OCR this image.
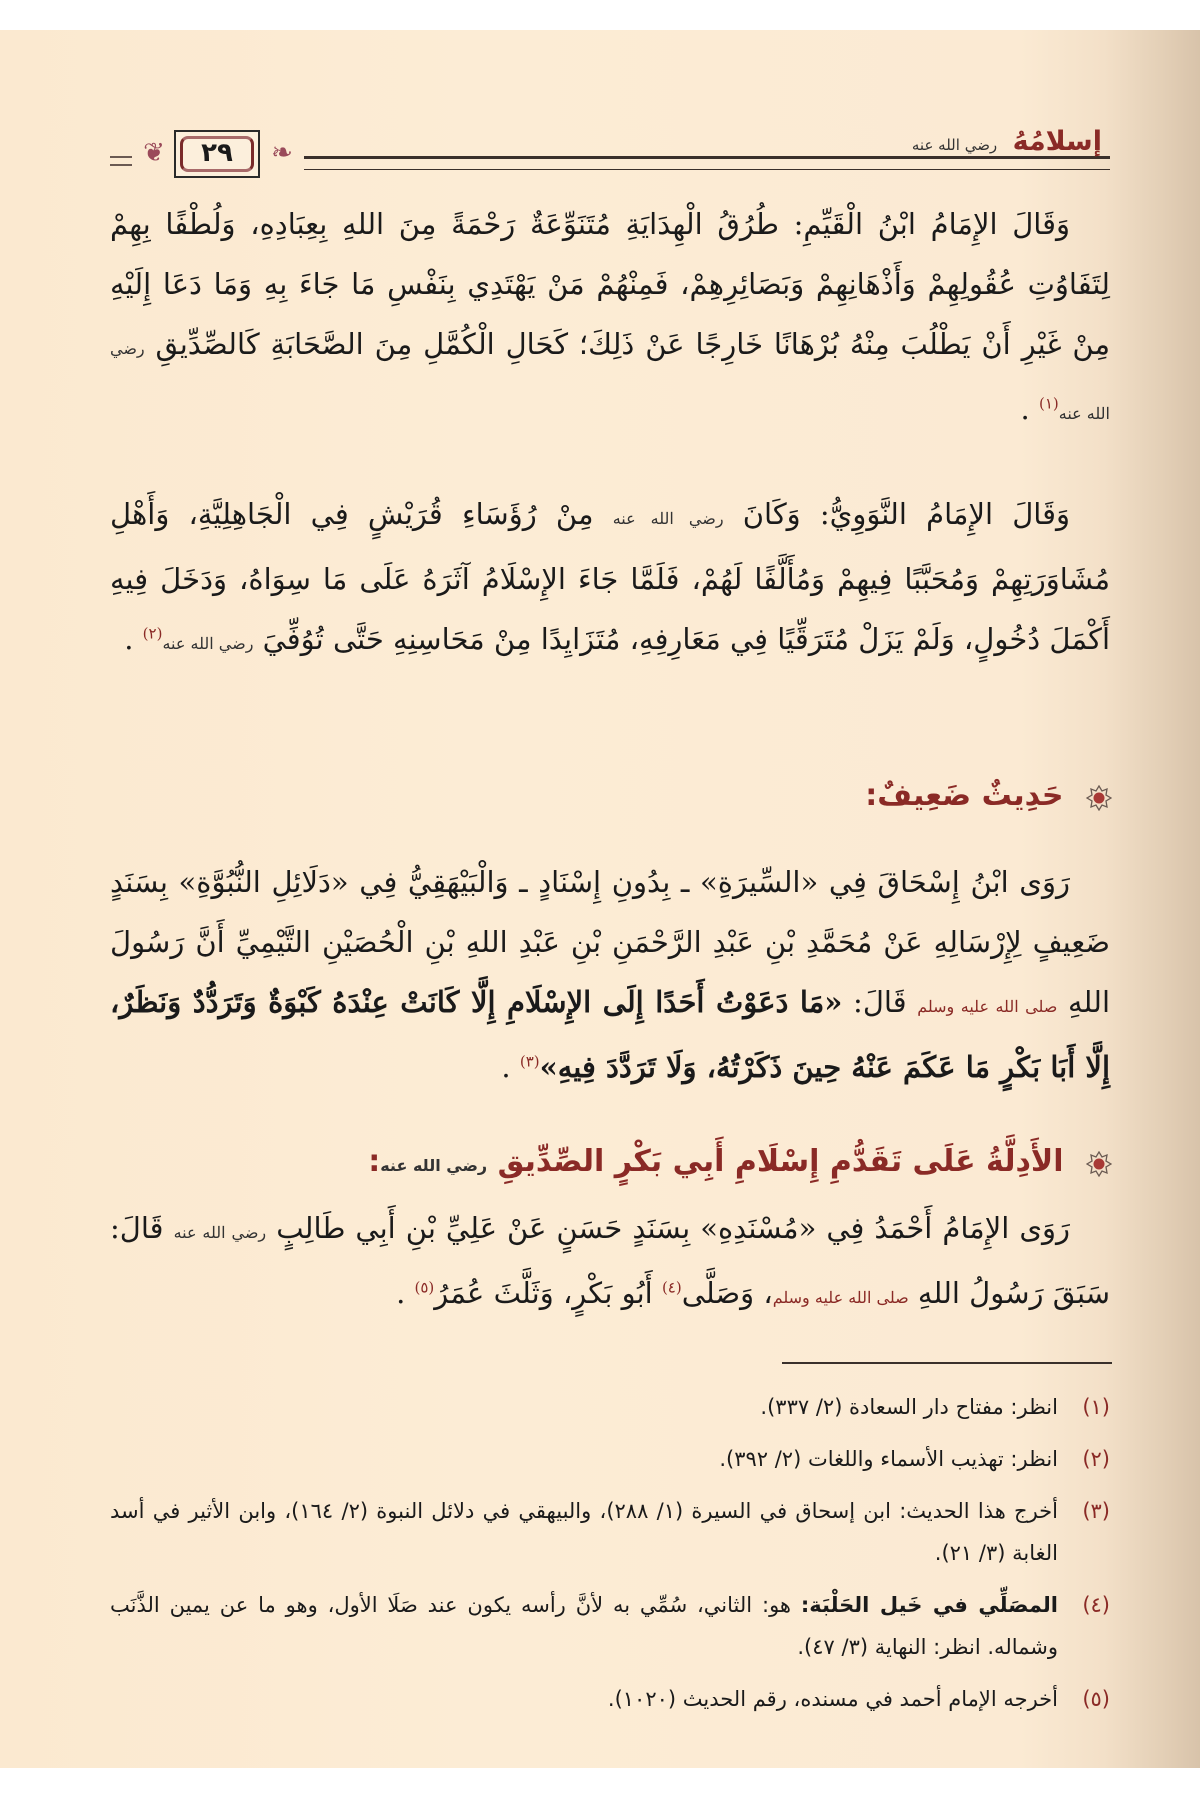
❦	٢٩	❧	إسلامُهُ رضي الله عنه

وَقَالَ الإِمَامُ ابْنُ الْقَيِّمِ: طُرُقُ الْهِدَايَةِ مُتَنَوِّعَةٌ رَحْمَةً مِنَ اللهِ بِعِبَادِهِ، وَلُطْفًا بِهِمْ لِتَفَاوُتِ عُقُولِهِمْ وَأَذْهَانِهِمْ وَبَصَائِرِهِمْ، فَمِنْهُمْ مَنْ يَهْتَدِي بِنَفْسِ مَا جَاءَ بِهِ وَمَا دَعَا إِلَيْهِ مِنْ غَيْرِ أَنْ يَطْلُبَ مِنْهُ بُرْهَانًا خَارِجًا عَنْ ذَلِكَ؛ كَحَالِ الْكُمَّلِ مِنَ الصَّحَابَةِ كَالصِّدِّيقِ رضي الله عنه$^{(١)}$ .

وَقَالَ الإِمَامُ النَّوَوِيُّ: وَكَانَ رضي الله عنه مِنْ رُؤَسَاءِ قُرَيْشٍ فِي الْجَاهِلِيَّةِ، وَأَهْلِ مُشَاوَرَتِهِمْ وَمُحَبَّبًا فِيهِمْ وَمُأَلَّفًا لَهُمْ، فَلَمَّا جَاءَ الإِسْلَامُ آثَرَهُ عَلَى مَا سِوَاهُ، وَدَخَلَ فِيهِ أَكْمَلَ دُخُولٍ، وَلَمْ يَزَلْ مُتَرَقِّيًا فِي مَعَارِفِهِ، مُتَزَايِدًا مِنْ مَحَاسِنِهِ حَتَّى تُوُفِّيَ رضي الله عنه$^{(٢)}$ .

حَدِيثٌ ضَعِيفٌ:

رَوَى ابْنُ إِسْحَاقَ فِي «السِّيرَةِ» ـ بِدُونِ إِسْنَادٍ ـ وَالْبَيْهَقِيُّ فِي «دَلَائِلِ النُّبُوَّةِ» بِسَنَدٍ ضَعِيفٍ لِإِرْسَالِهِ عَنْ مُحَمَّدِ بْنِ عَبْدِ الرَّحْمَنِ بْنِ عَبْدِ اللهِ بْنِ الْحُصَيْنِ التَّيْمِيِّ أَنَّ رَسُولَ اللهِ صلى الله عليه وسلم قَالَ: «مَا دَعَوْتُ أَحَدًا إِلَى الإِسْلَامِ إِلَّا كَانَتْ عِنْدَهُ كَبْوَةٌ وَتَرَدُّدٌ وَنَظَرٌ، إِلَّا أَبَا بَكْرٍ مَا عَكَمَ عَنْهُ حِينَ ذَكَرْتُهُ، وَلَا تَرَدَّدَ فِيهِ»$^{(٣)}$ .

الأَدِلَّةُ عَلَى تَقَدُّمِ إِسْلَامِ أَبِي بَكْرٍ الصِّدِّيقِ رضي الله عنه:

رَوَى الإِمَامُ أَحْمَدُ فِي «مُسْنَدِهِ» بِسَنَدٍ حَسَنٍ عَنْ عَلِيِّ بْنِ أَبِي طَالِبٍ رضي الله عنه قَالَ: سَبَقَ رَسُولُ اللهِ صلى الله عليه وسلم، وَصَلَّى$^{(٤)}$ أَبُو بَكْرٍ، وَثَلَّثَ عُمَرُ$^{(٥)}$ .

(١)
انظر: مفتاح دار السعادة (٢/ ٣٣٧).
(٢)
انظر: تهذيب الأسماء واللغات (٢/ ٣٩٢).
(٣)
أخرج هذا الحديث: ابن إسحاق في السيرة (١/ ٢٨٨)، والبيهقي في دلائل النبوة (٢/ ١٦٤)، وابن الأثير في أسد الغابة (٣/ ٢١).
(٤)
المصَلِّي في خَيل الحَلْبَة: هو: الثاني، سُمِّي به لأنَّ رأسه يكون عند صَلَا الأول، وهو ما عن يمين الذَّنَب وشماله. انظر: النهاية (٣/ ٤٧).
(٥)
أخرجه الإمام أحمد في مسنده، رقم الحديث (١٠٢٠).
